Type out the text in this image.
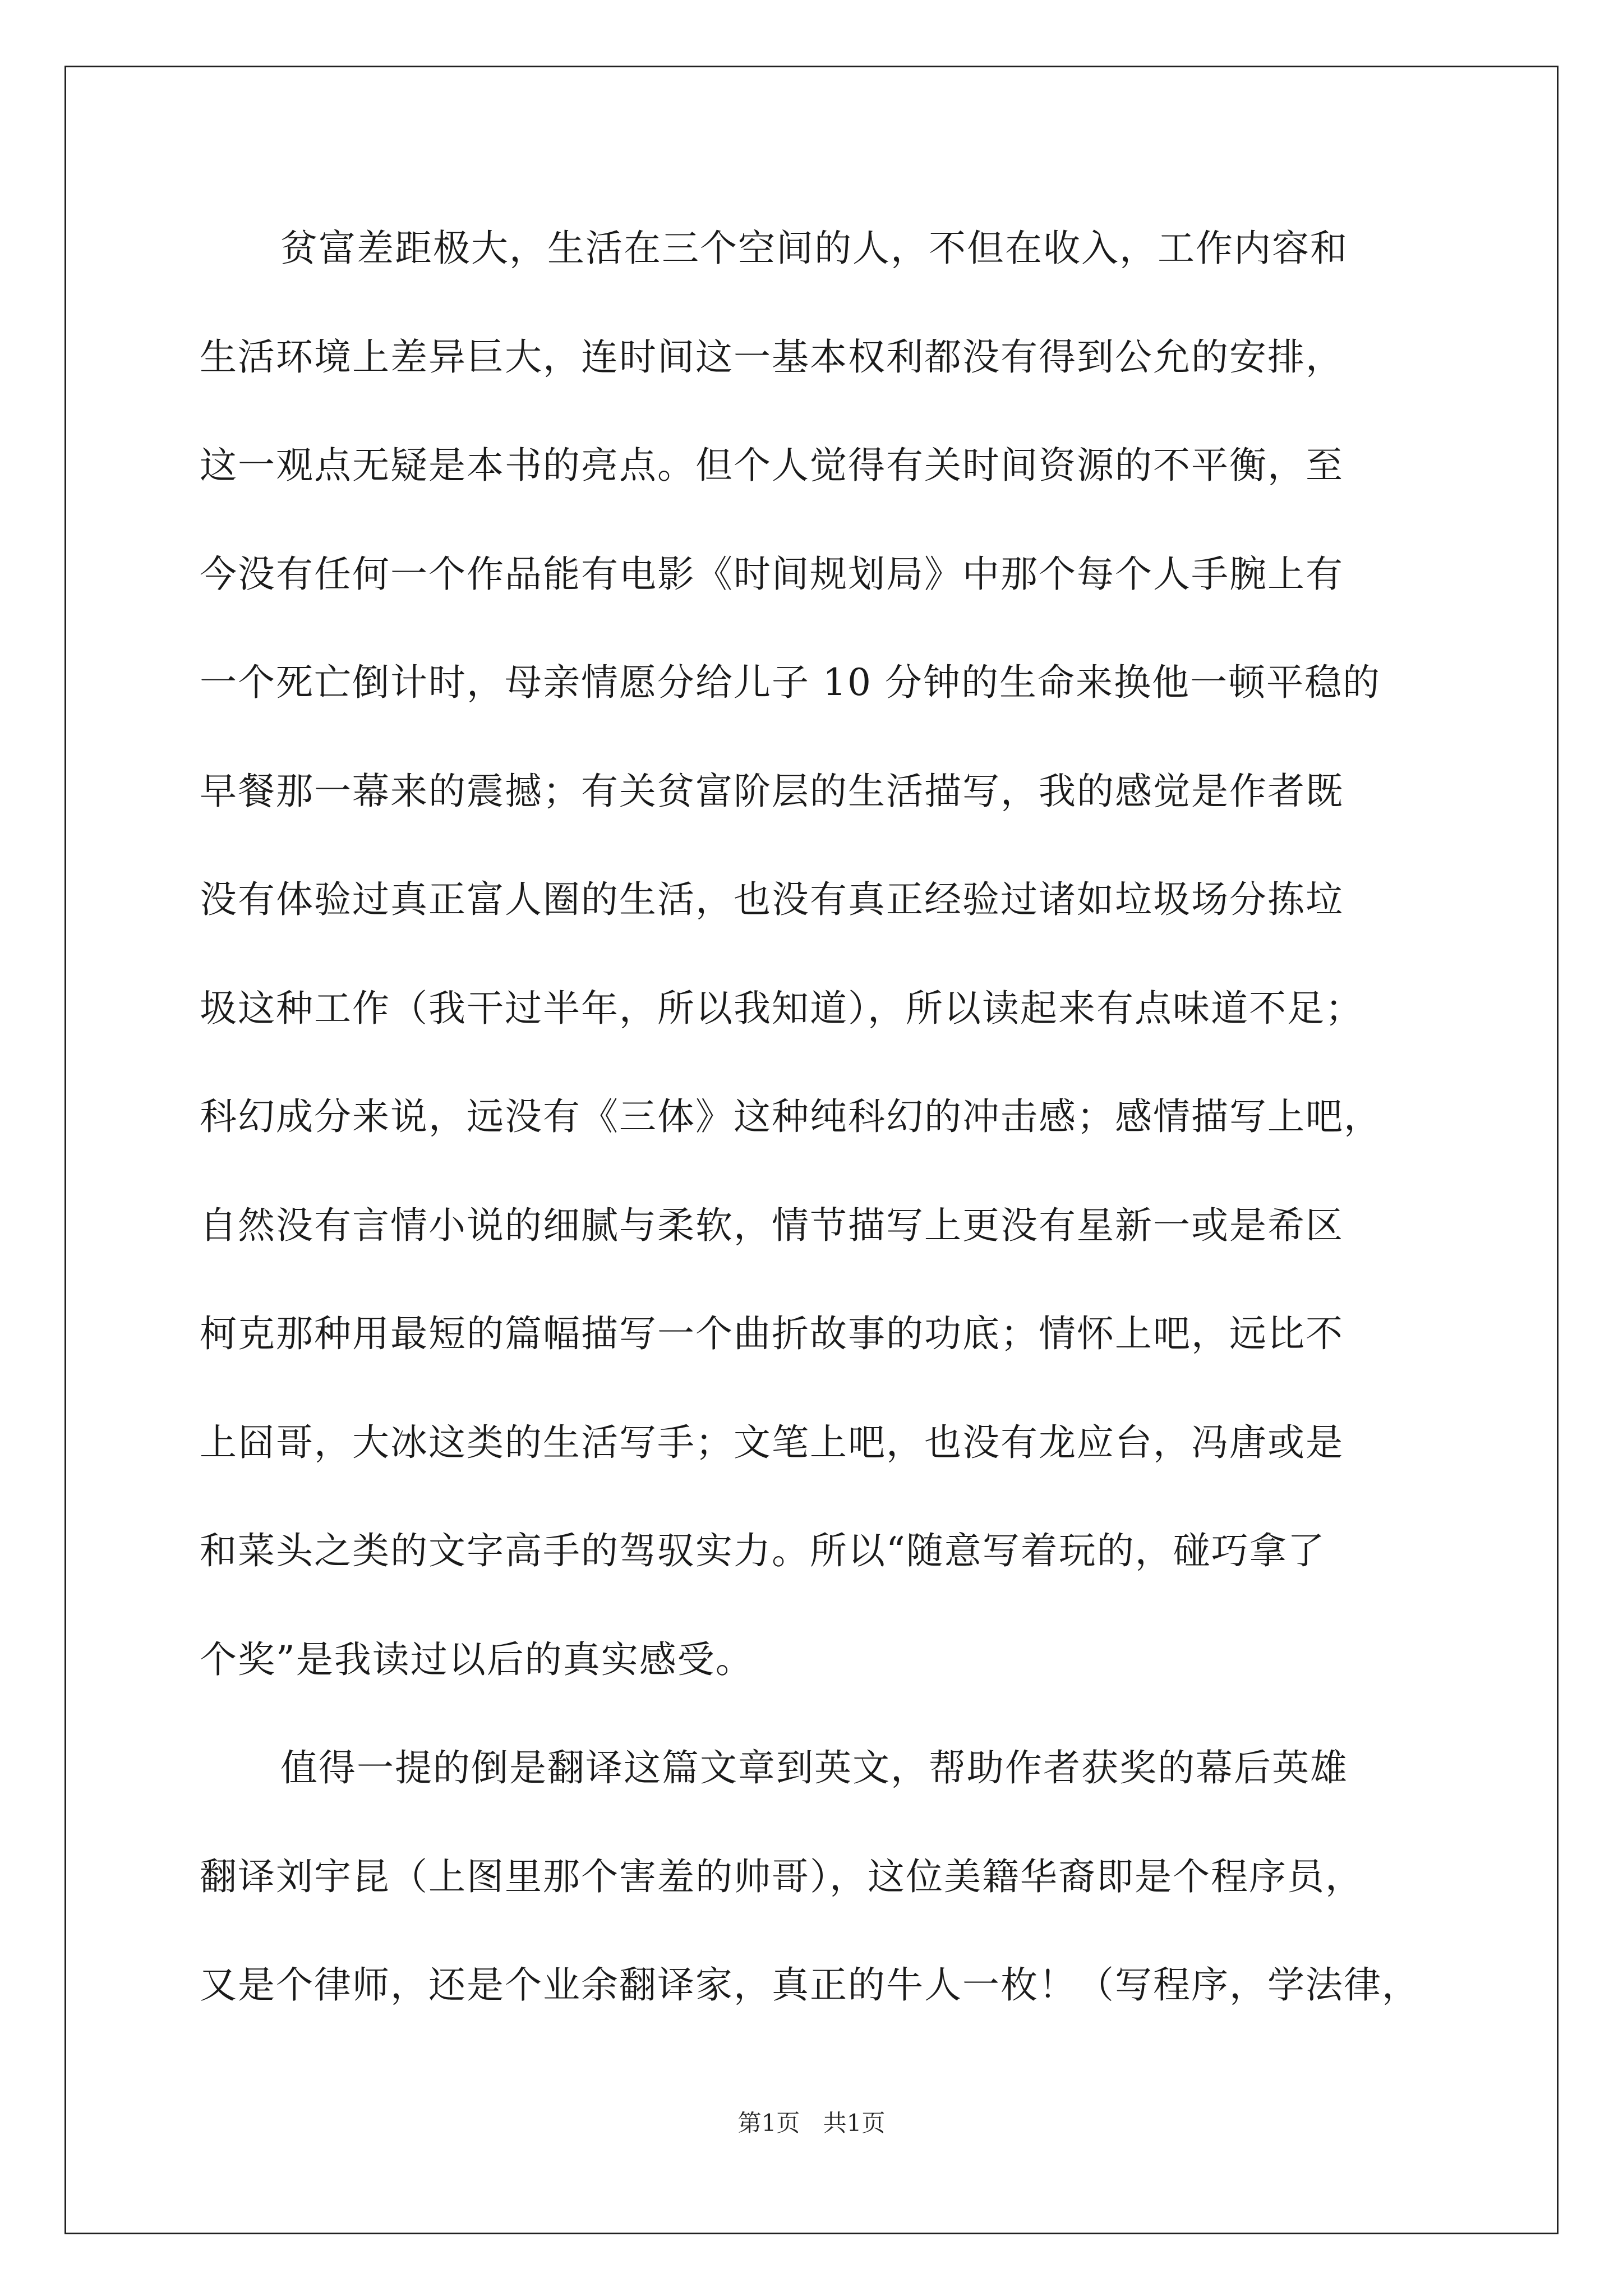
贫富差距极大，生活在三个空间的人，不但在收入，工作内容和
生活环境上差异巨大，连时间这一基本权利都没有得到公允的安排，
这一观点无疑是本书的亮点。但个人觉得有关时间资源的不平衡，至
今没有任何一个作品能有电影《时间规划局》中那个每个人手腕上有
一个死亡倒计时，母亲情愿分给儿子 10 分钟的生命来换他一顿平稳的
早餐那一幕来的震撼；有关贫富阶层的生活描写，我的感觉是作者既
没有体验过真正富人圈的生活，也没有真正经验过诸如垃圾场分拣垃
圾这种工作（我干过半年，所以我知道），所以读起来有点味道不足；
科幻成分来说，远没有《三体》这种纯科幻的冲击感；感情描写上吧，
自然没有言情小说的细腻与柔软，情节描写上更没有星新一或是希区
柯克那种用最短的篇幅描写一个曲折故事的功底；情怀上吧，远比不
上囧哥，大冰这类的生活写手；文笔上吧，也没有龙应台，冯唐或是
和菜头之类的文字高手的驾驭实力。所以“随意写着玩的，碰巧拿了
个奖”是我读过以后的真实感受。
值得一提的倒是翻译这篇文章到英文，帮助作者获奖的幕后英雄
翻译刘宇昆（上图里那个害羞的帅哥），这位美籍华裔即是个程序员，
又是个律师，还是个业余翻译家，真正的牛人一枚！（写程序，学法律，
第1页 共1页
